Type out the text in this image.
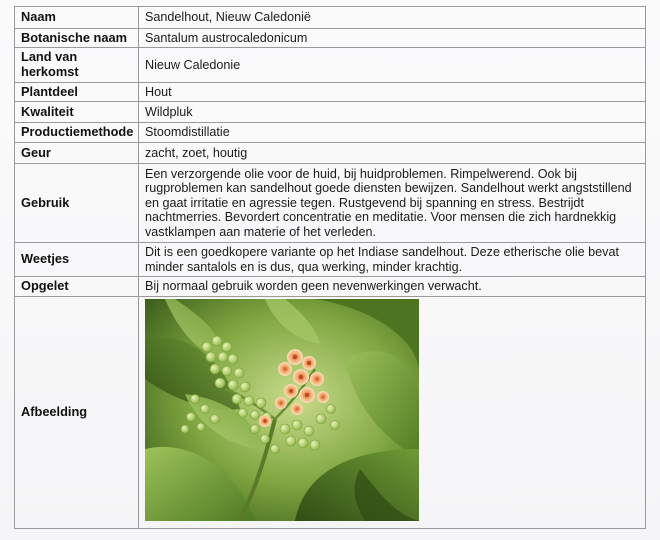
Naam	Sandelhout, Nieuw Caledonië
Botanische naam	Santalum austrocaledonicum
Land van herkomst	Nieuw Caledonie
Plantdeel	Hout
Kwaliteit	Wildpluk
Productiemethode	Stoomdistillatie
Geur	zacht, zoet, houtig
Gebruik	Een verzorgende olie voor de huid, bij huidproblemen. Rimpelwerend. Ook bij rugproblemen kan sandelhout goede diensten bewijzen. Sandelhout werkt angststillend en gaat irritatie en agressie tegen. Rustgevend bij spanning en stress. Bestrijdt nachtmerries. Bevordert concentratie en meditatie. Voor mensen die zich hardnekkig vastklampen aan materie of het verleden.
Weetjes	Dit is een goedkopere variante op het Indiase sandelhout. Deze etherische olie bevat minder santalols en is dus, qua werking, minder krachtig.
Opgelet	Bij normaal gebruik worden geen nevenwerkingen verwacht.
Afbeelding	
